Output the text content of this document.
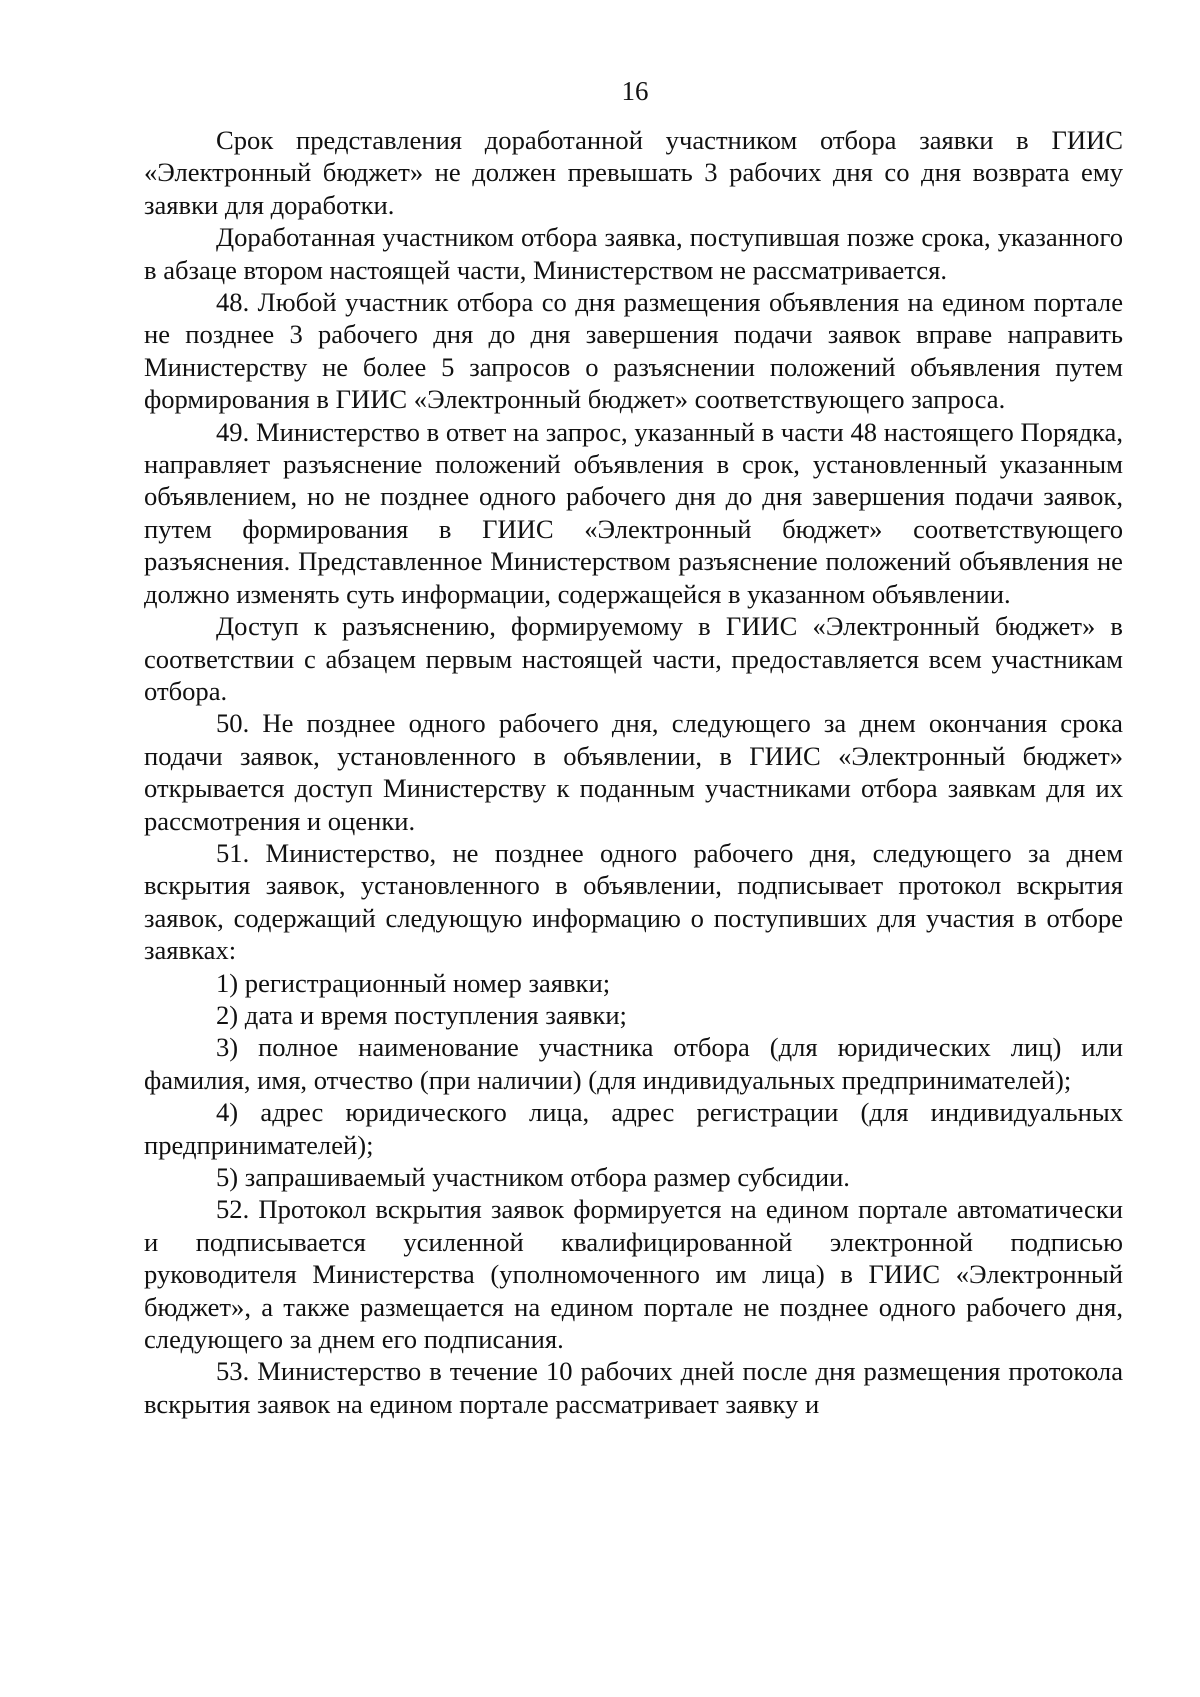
16

Срок представления доработанной участником отбора заявки в ГИИС «Электронный бюджет» не должен превышать 3 рабочих дня со дня возврата ему заявки для доработки.

Доработанная участником отбора заявка, поступившая позже срока, указанного в абзаце втором настоящей части, Министерством не рассматривается.

48. Любой участник отбора со дня размещения объявления на едином портале не позднее 3 рабочего дня до дня завершения подачи заявок вправе направить Министерству не более 5 запросов о разъяснении положений объявления путем формирования в ГИИС «Электронный бюджет» соответствующего запроса.

49. Министерство в ответ на запрос, указанный в части 48 настоящего Порядка, направляет разъяснение положений объявления в срок, установленный указанным объявлением, но не позднее одного рабочего дня до дня завершения подачи заявок, путем формирования в ГИИС «Электронный бюджет» соответствующего разъяснения. Представленное Министерством разъяснение положений объявления не должно изменять суть информации, содержащейся в указанном объявлении.

Доступ к разъяснению, формируемому в ГИИС «Электронный бюджет» в соответствии с абзацем первым настоящей части, предоставляется всем участникам отбора.

50. Не позднее одного рабочего дня, следующего за днем окончания срока подачи заявок, установленного в объявлении, в ГИИС «Электронный бюджет» открывается доступ Министерству к поданным участниками отбора заявкам для их рассмотрения и оценки.

51. Министерство, не позднее одного рабочего дня, следующего за днем вскрытия заявок, установленного в объявлении, подписывает протокол вскрытия заявок, содержащий следующую информацию о поступивших для участия в отборе заявках:

1) регистрационный номер заявки;

2) дата и время поступления заявки;

3) полное наименование участника отбора (для юридических лиц) или фамилия, имя, отчество (при наличии) (для индивидуальных предпринимателей);

4) адрес юридического лица, адрес регистрации (для индивидуальных предпринимателей);

5) запрашиваемый участником отбора размер субсидии.

52. Протокол вскрытия заявок формируется на едином портале автоматически и подписывается усиленной квалифицированной электронной подписью руководителя Министерства (уполномоченного им лица) в ГИИС «Электронный бюджет», а также размещается на едином портале не позднее одного рабочего дня, следующего за днем его подписания.

53. Министерство в течение 10 рабочих дней после дня размещения протокола вскрытия заявок на едином портале рассматривает заявку и
